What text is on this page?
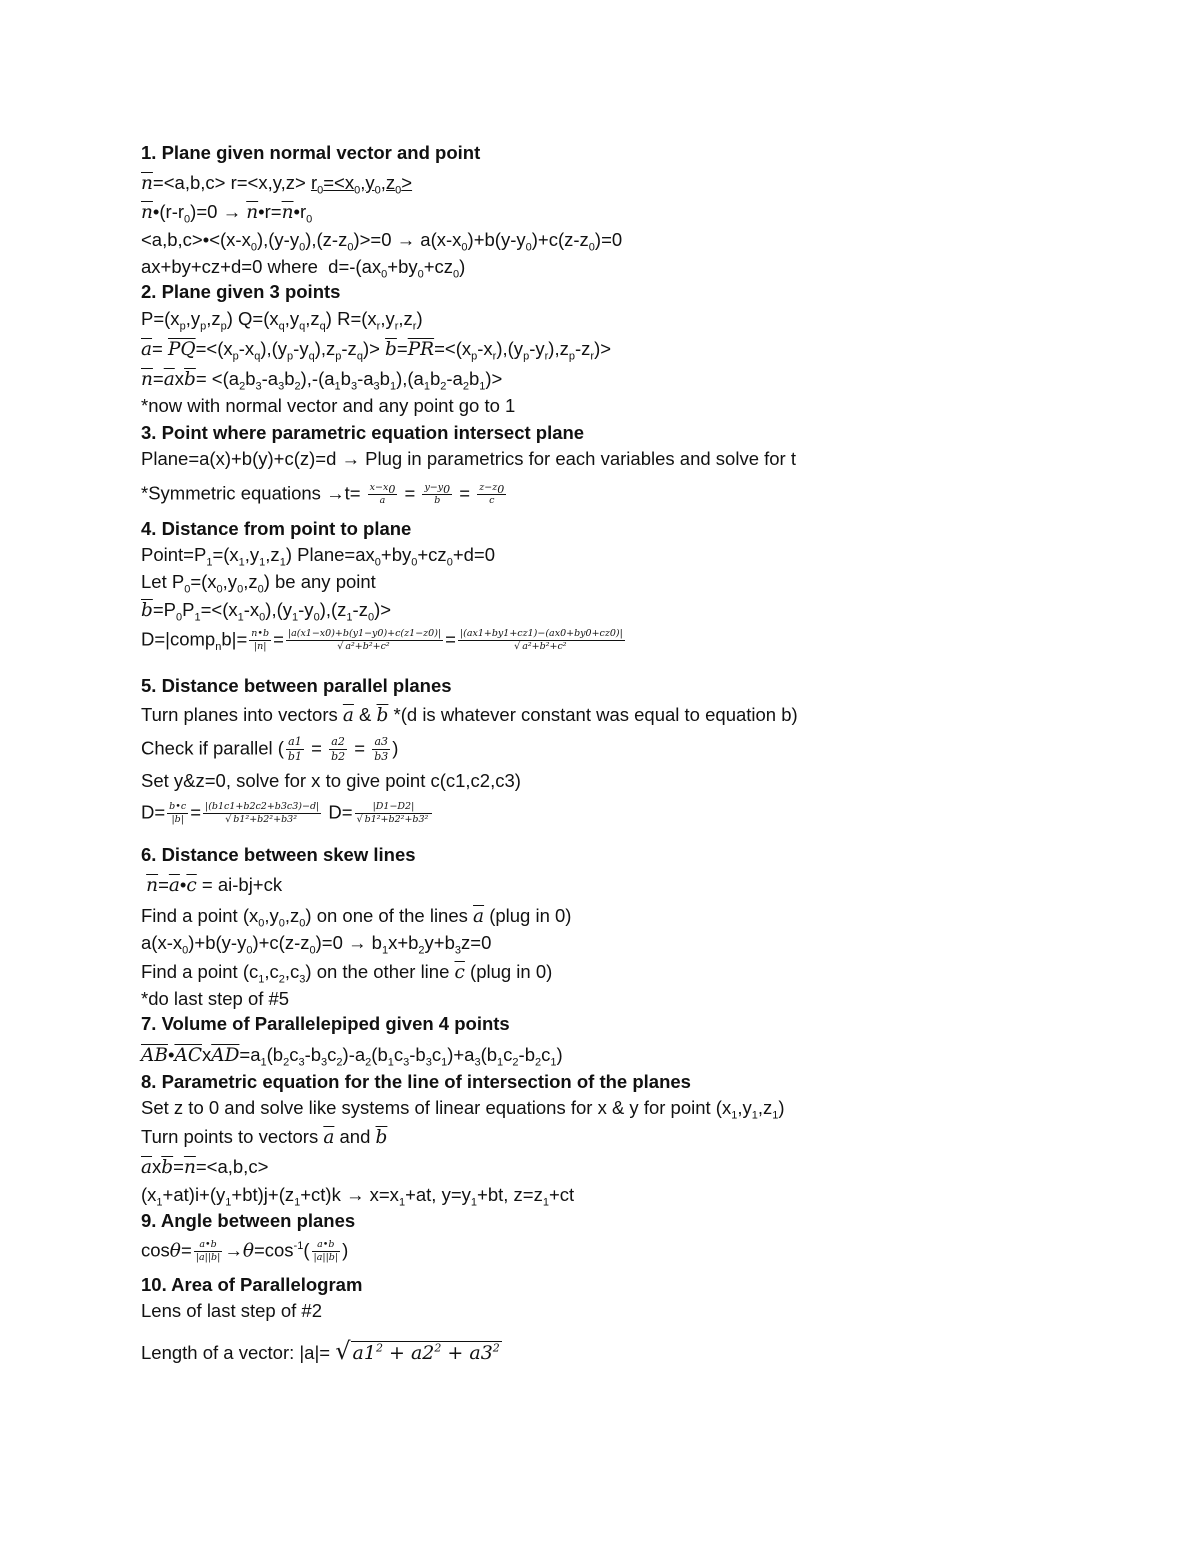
1. Plane given normal vector and point
$\overline{n}=<a,b,c> r=<x,y,z> r_0=<x_0,y_0,z_0>$
$\overline{n}•(r-r_0)=0$ → $\overline{n}•r=\overline{n}•r_0$
$<a,b,c>•<(x-x_0),(y-y_0),(z-z_0)>=0 \to a(x-x_0)+b(y-y_0)+c(z-z_0)=0$
ax+by+cz+d=0 where  $d=-(ax_0+by_0+cz_0)$
2. Plane given 3 points
$P=(x_p,y_p,z_p)$ $Q=(x_q,y_q,z_q)$ $R=(x_r,y_r,z_r)$
$\overline{a}= \overline{PQ}=<(x_p-x_q),(y_p-y_q),z_p-z_q)> \overline{b}=\overline{PR}=<(x_p-x_r),(y_p-y_r),z_p-z_r)>$
$\overline{n}=\overline{a}x\overline{b}= <(a_2b_3-a_3b_2),-(a_1b_3-a_3b_1),(a_1b_2-a_2b_1)>$
*now with normal vector and any point go to 1
3. Point where parametric equation intersect plane
Plane=a(x)+b(y)+c(z)=d → Plug in parametrics for each variables and solve for t
*Symmetric equations $\to t= \frac{x-x_0}{a} = \frac{y-y_0}{b} = \frac{z-z_0}{c}$
4. Distance from point to plane
$Point=P_1=(x_1,y_1,z_1)$ $Plane=ax_0+by_0+cz_0+d=0$
Let $P_0=(x_0,y_0,z_0)$ be any point
$\overline{b}=P_0P_1=<(x_1-x_0),(y_1-y_0),(z_1-z_0)>$
D=|comp$_n$b|= $\frac{n•b}{|n|} = \frac{|a(x1-x0)+b(y1-y0)+c(z1-z0)|}{\text{√ a²+b²+c²}} = \frac{|(ax1+by1+cz1)-(ax0+by0+cz0)|}{\text{√ a²+b²+c²}}$
5. Distance between parallel planes
Turn planes into vectors $\overline{a}$ & $\overline{b}$ *(d is whatever constant was equal to equation b)
Check if parallel ( $\frac{a1}{b1} = \frac{a2}{b2} = \frac{a3}{b3}$ )
Set y&z=0, solve for x to give point c(c1,c2,c3)
$D= \frac{b•c}{|b|} = \frac{|(b1c1+b2c2+b3c3)-d|}{\text{√ b1²+b2²+b3²}} D= \frac{|D1-D2|}{\text{√ b1²+b2²+b3²}}$
6. Distance between skew lines
$\overline{n}=\overline{a}•\overline{c} = ai-bj+ck$
Find a point $(x_0,y_0,z_0)$ on one of the lines $\overline{a}$ (plug in 0)
$a(x-x_0)+b(y-y_0)+c(z-z_0)=0 \to b_1x+b_2y+b_3z=0$
Find a point $(c_1,c_2,c_3)$ on the other line $\overline{c}$ (plug in 0)
*do last step of #5
7. Volume of Parallelepiped given 4 points
$\overline{AB}•\overline{AC}x\overline{AD}=a_1(b_2c_3-b_3c_2)-a_2(b_1c_3-b_3c_1)+a_3(b_1c_2-b_2c_1)$
8. Parametric equation for the line of intersection of the planes
Set z to 0 and solve like systems of linear equations for x & y for point $(x_1,y_1,z_1)$
Turn points to vectors $\overline{a}$ and $\overline{b}$
$\overline{a}x\overline{b}=\overline{n}=<a,b,c>$
$(x_1+at)i+(y_1+bt)j+(z_1+ct)k \to x=x_1+at$, $y=y_1+bt$, $z=z_1+ct$
9. Angle between planes
$\cos\theta= \frac{a•b}{|a||b|} \to\theta=\cos^{-1}( \frac{a•b}{|a||b|}$ )
10. Area of Parallelogram
Lens of last step of #2
Length of a vector: |a|= √ $a1^2 + a2^2 + a3^2$
